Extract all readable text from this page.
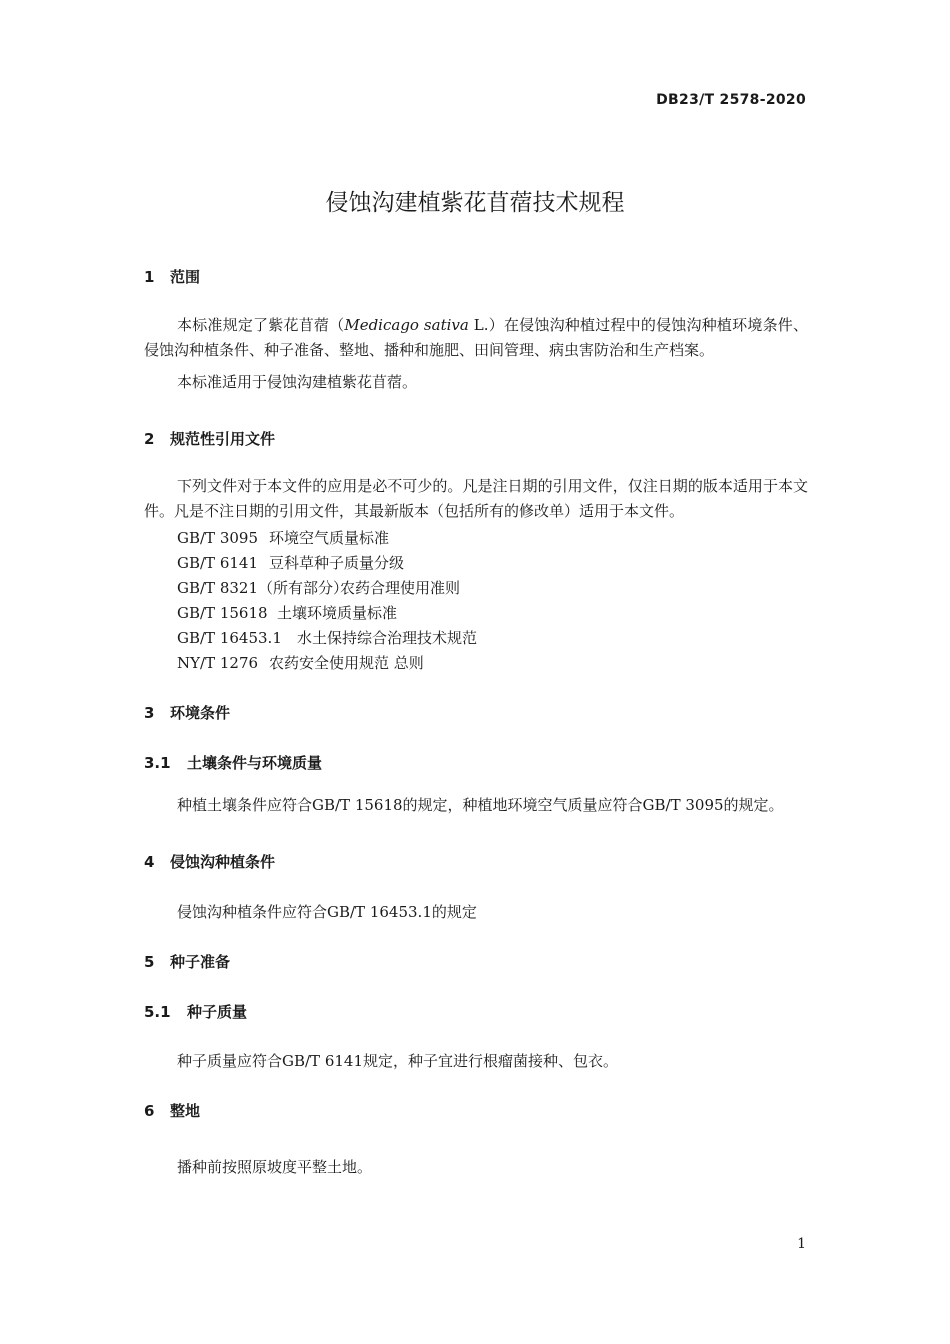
DB23/T 2578-2020
侵蚀沟建植紫花苜蓿技术规程
1 范围
本标准规定了紫花苜蓿（Medicago sativa L.）在侵蚀沟种植过程中的侵蚀沟种植环境条件、侵蚀沟种植条件、种子准备、整地、播种和施肥、田间管理、病虫害防治和生产档案。
本标准适用于侵蚀沟建植紫花苜蓿。
2 规范性引用文件
下列文件对于本文件的应用是必不可少的。凡是注日期的引用文件，仅注日期的版本适用于本文件。凡是不注日期的引用文件，其最新版本（包括所有的修改单）适用于本文件。
GB/T 3095 环境空气质量标准
GB/T 6141 豆科草种子质量分级
GB/T 8321（所有部分）农药合理使用准则
GB/T 15618 土壤环境质量标准
GB/T 16453.1 水土保持综合治理技术规范
NY/T 1276 农药安全使用规范 总则
3 环境条件
3.1 土壤条件与环境质量
种植土壤条件应符合GB/T 15618的规定，种植地环境空气质量应符合GB/T 3095的规定。
4 侵蚀沟种植条件
侵蚀沟种植条件应符合GB/T 16453.1的规定
5 种子准备
5.1 种子质量
种子质量应符合GB/T 6141规定，种子宜进行根瘤菌接种、包衣。
6 整地
播种前按照原坡度平整土地。
1
